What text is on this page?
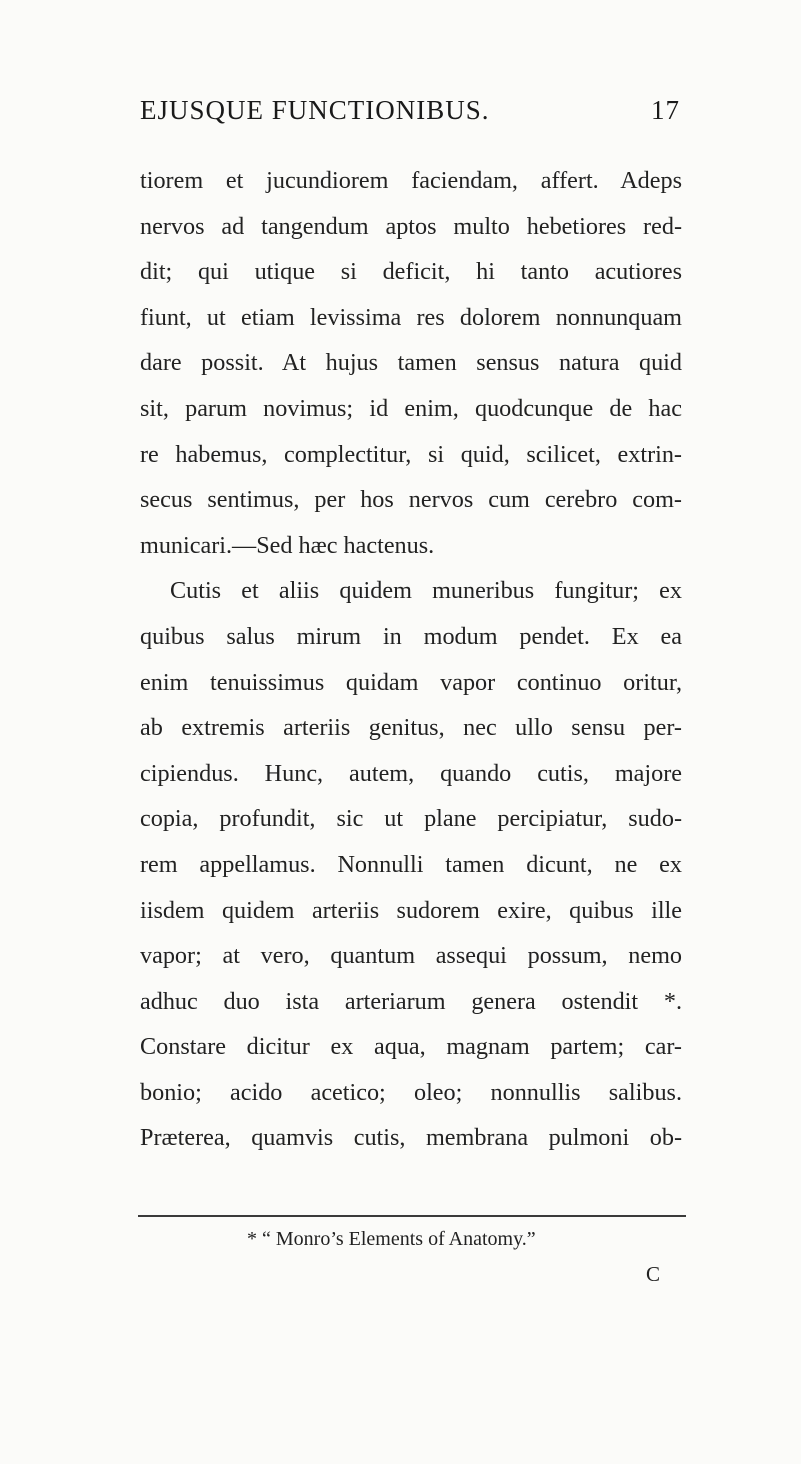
EJUSQUE FUNCTIONIBUS.	17
tiorem et jucundiorem faciendam, affert. Adeps
nervos ad tangendum aptos multo hebetiores red-
dit; qui utique si deficit, hi tanto acutiores
fiunt, ut etiam levissima res dolorem nonnunquam
dare possit. At hujus tamen sensus natura quid
sit, parum novimus; id enim, quodcunque de hac
re habemus, complectitur, si quid, scilicet, extrin-
secus sentimus, per hos nervos cum cerebro com-
municari.—Sed hæc hactenus.
Cutis et aliis quidem muneribus fungitur; ex
quibus salus mirum in modum pendet. Ex ea
enim tenuissimus quidam vapor continuo oritur,
ab extremis arteriis genitus, nec ullo sensu per-
cipiendus. Hunc, autem, quando cutis, majore
copia, profundit, sic ut plane percipiatur, sudo-
rem appellamus. Nonnulli tamen dicunt, ne ex
iisdem quidem arteriis sudorem exire, quibus ille
vapor; at vero, quantum assequi possum, nemo
adhuc duo ista arteriarum genera ostendit *.
Constare dicitur ex aqua, magnam partem; car-
bonio; acido acetico; oleo; nonnullis salibus.
Præterea, quamvis cutis, membrana pulmoni ob-
* “ Monro’s Elements of Anatomy.”
C
